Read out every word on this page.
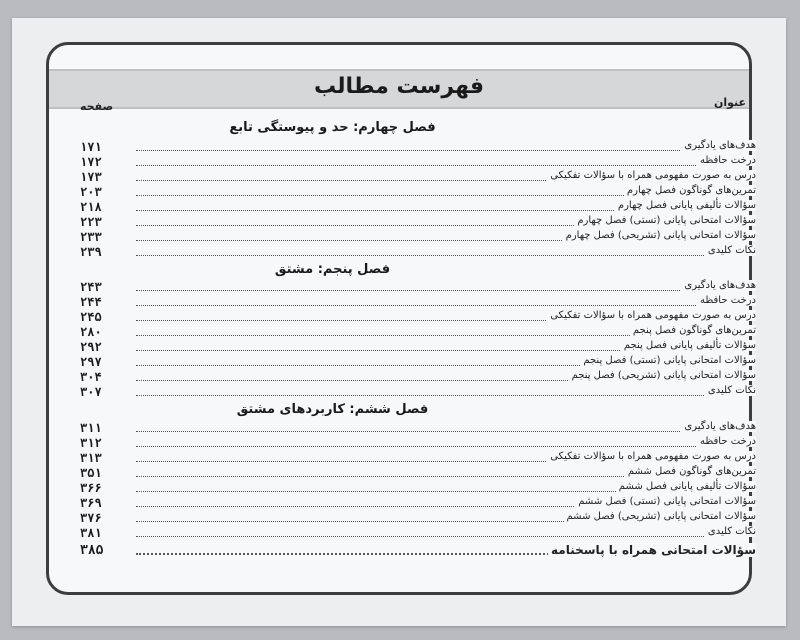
فهرست مطالب
صفحه	عنوان
فصل چهارم: حد و پیوستگی تابع
۱۷۱	هدف‌های یادگیری
۱۷۲	درخت حافظه
۱۷۳	درس به صورت مفهومی همراه با سؤالات تفکیکی
۲۰۳	تمرین‌های گوناگون فصل چهارم
۲۱۸	سؤالات تألیفی پایانی فصل چهارم
۲۲۳	سؤالات امتحانی پایانی (تستی) فصل چهارم
۲۳۳	سؤالات امتحانی پایانی (تشریحی) فصل چهارم
۲۳۹	نکات کلیدی
فصل پنجم: مشتق
۲۴۳	هدف‌های یادگیری
۲۴۴	درخت حافظه
۲۴۵	درس به صورت مفهومی همراه با سؤالات تفکیکی
۲۸۰	تمرین‌های گوناگون فصل پنجم
۲۹۲	سؤالات تألیفی پایانی فصل پنجم
۲۹۷	سؤالات امتحانی پایانی (تستی) فصل پنجم
۳۰۴	سؤالات امتحانی پایانی (تشریحی) فصل پنجم
۳۰۷	نکات کلیدی
فصل ششم: کاربردهای مشتق
۳۱۱	هدف‌های یادگیری
۳۱۲	درخت حافظه
۳۱۳	درس به صورت مفهومی همراه با سؤالات تفکیکی
۳۵۱	تمرین‌های گوناگون فصل ششم
۳۶۶	سؤالات تألیفی پایانی فصل ششم
۳۶۹	سؤالات امتحانی پایانی (تستی) فصل ششم
۳۷۶	سؤالات امتحانی پایانی (تشریحی) فصل ششم
۳۸۱	نکات کلیدی
۳۸۵	سؤالات امتحانی همراه با پاسخنامه
